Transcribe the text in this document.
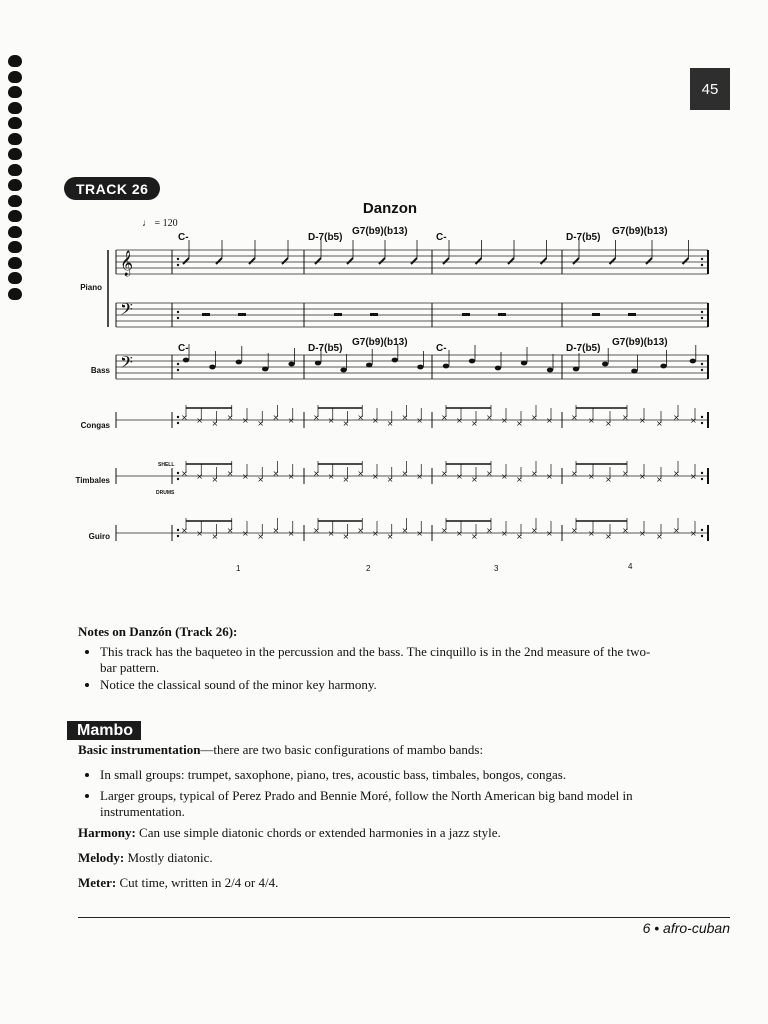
45
TRACK 26
Danzon
♩ = 120
Piano
Bass
Congas
Timbales
Guiro
C-	D-7(b5)
G7(b9)(b13)
C-	D-7(b5)
G7(b9)(b13)
C-	D-7(b5)
G7(b9)(b13)
C-	D-7(b5)
G7(b9)(b13)
SHELL
DRUMS
1	2	3	4
𝄞
𝄢
𝄢
× × ×
× × ×
× × × × ×
× × ×
× × × × ×
× × ×
× × × × ×
× × ×
× ×
× × ×
× × ×
× × × × ×
× × ×
× × × × ×
× × ×
× × × × ×
× × ×
× ×
× × ×
× × ×
× × × × ×
× × ×
× × × × ×
× × ×
× × × × ×
× × ×
× ×
Notes on Danzón (Track 26):
• This track has the baqueteo in the percussion and the bass. The cinquillo is in the 2nd measure of the two-bar pattern.
• Notice the classical sound of the minor key harmony.
Mambo

Basic instrumentation—there are two basic configurations of mambo bands:

• In small groups: trumpet, saxophone, piano, tres, acoustic bass, timbales, bongos, congas.
• Larger groups, typical of Perez Prado and Bennie Moré, follow the North American big band model in instrumentation.

Harmony: Can use simple diatonic chords or extended harmonies in a jazz style.

Melody: Mostly diatonic.

Meter: Cut time, written in 2/4 or 4/4.

6 • afro-cuban
